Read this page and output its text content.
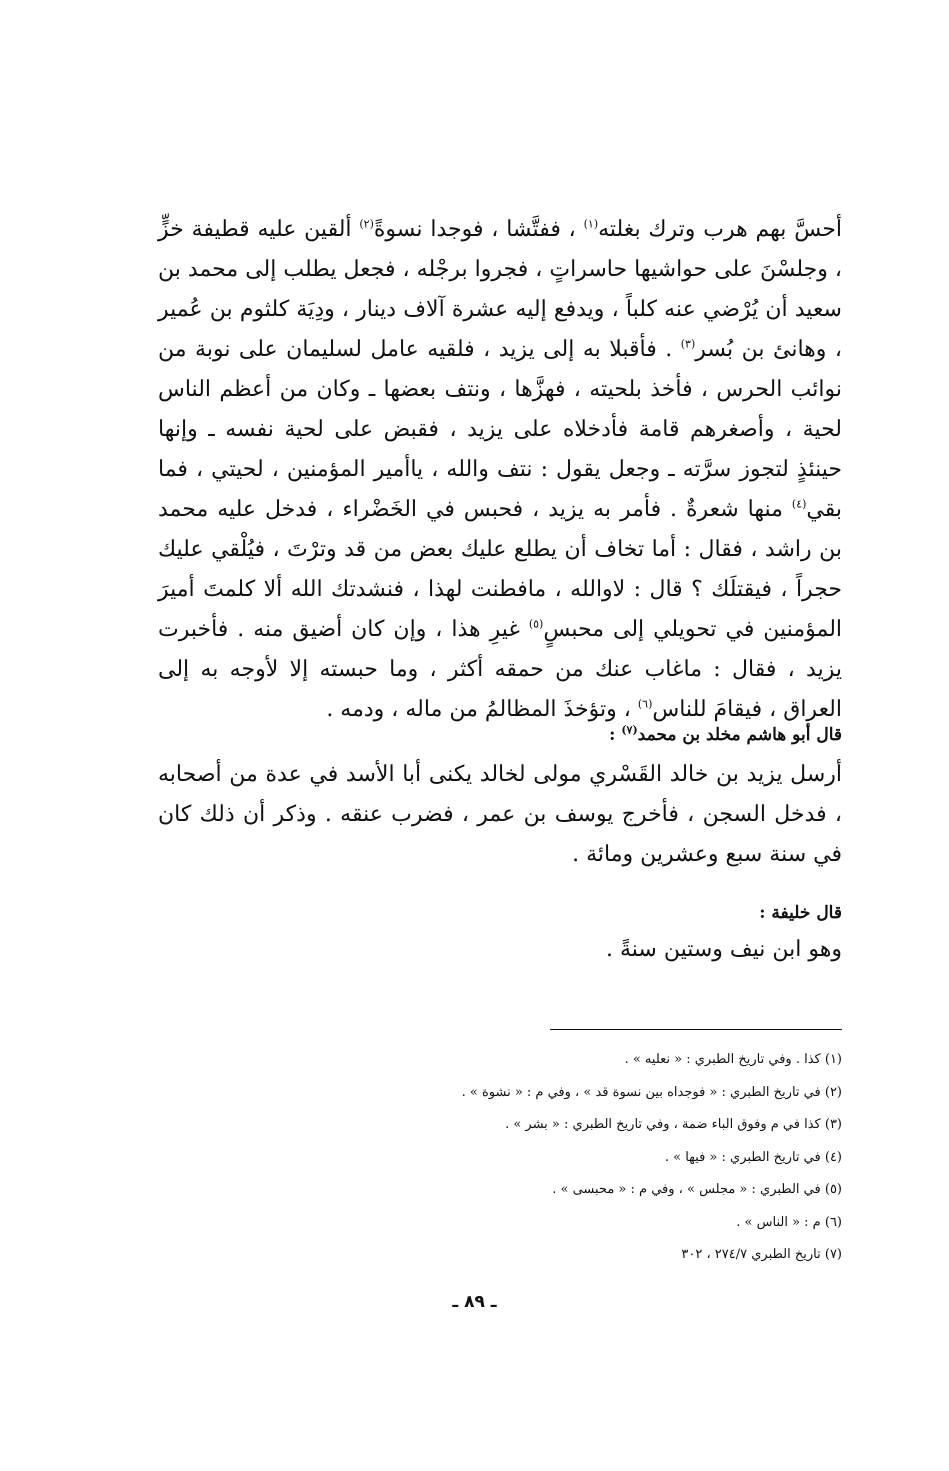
أحسَّ بهم هرب وترك بغلته$^{(١)}$ ، ففتَّشا ، فوجدا نسوةً$^{(٢)}$ ألقين عليه قطيفة خزٍّ ، وجلسْنَ على حواشيها حاسراتٍ ، فجروا برجْله ، فجعل يطلب إلى محمد بن سعيد أن يُرْضي عنه كلباً ، ويدفع إليه عشرة آلاف دينار ، ودِيَة كلثوم بن عُمير ، وهانئ بن بُسر$^{(٣)}$ . فأقبلا به إلى يزيد ، فلقيه عامل لسليمان على نوبة من نوائب الحرس ، فأخذ بلحيته ، فهزَّها ، ونتف بعضها ـ وكان من أعظم الناس لحية ، وأصغرهم قامة فأدخلاه على يزيد ، فقبض على لحية نفسه ـ وإنها حينئذٍ لتجوز سرَّته ـ وجعل يقول : نتف والله ، ياأمير المؤمنين ، لحيتي ، فما بقي$^{(٤)}$ منها شعرةٌ . فأمر به يزيد ، فحبس في الخَضْراء ، فدخل عليه محمد بن راشد ، فقال : أما تخاف أن يطلع عليك بعض من قد وترْتَ ، فيُلْقي عليك حجراً ، فيقتلَك ؟ قال : لاوالله ، مافطنت لهذا ، فنشدتك الله ألا كلمتَ أميرَ المؤمنين في تحويلي إلى محبسٍ$^{(٥)}$ غيرِ هذا ، وإن كان أضيق منه . فأخبرت يزيد ، فقال : ماغاب عنك من حمقه أكثر ، وما حبسته إلا لأوجه به إلى العراق ، فيقامَ للناس$^{(٦)}$ ، وتؤخذَ المظالمُ من ماله ، ودمه .
قال أبو هاشم مخلد بن محمد$^{(٧)}$ :
أرسل يزيد بن خالد القَسْري مولى لخالد يكنى أبا الأسد في عدة من أصحابه ، فدخل السجن ، فأخرج يوسف بن عمر ، فضرب عنقه . وذكر أن ذلك كان في سنة سبع وعشرين ومائة .
قال خليفة :
وهو ابن نيف وستين سنةً .
(١) كذا . وفي تاريخ الطبري : « نعليه » .
(٢) في تاريخ الطبري : « فوجداه بين نسوة قد » ، وفي م : « نشوة » .
(٣) كذا في م وفوق الباء ضمة ، وفي تاريخ الطبري : « بشر » .
(٤) في تاريخ الطبري : « فيها » .
(٥) في الطبري : « مجلس » ، وفي م : « محبسى » .
(٦) م : « الناس » .
(٧) تاريخ الطبري ٢٧٤/٧ ، ٣٠٢
ـ ٨٩ ـ
